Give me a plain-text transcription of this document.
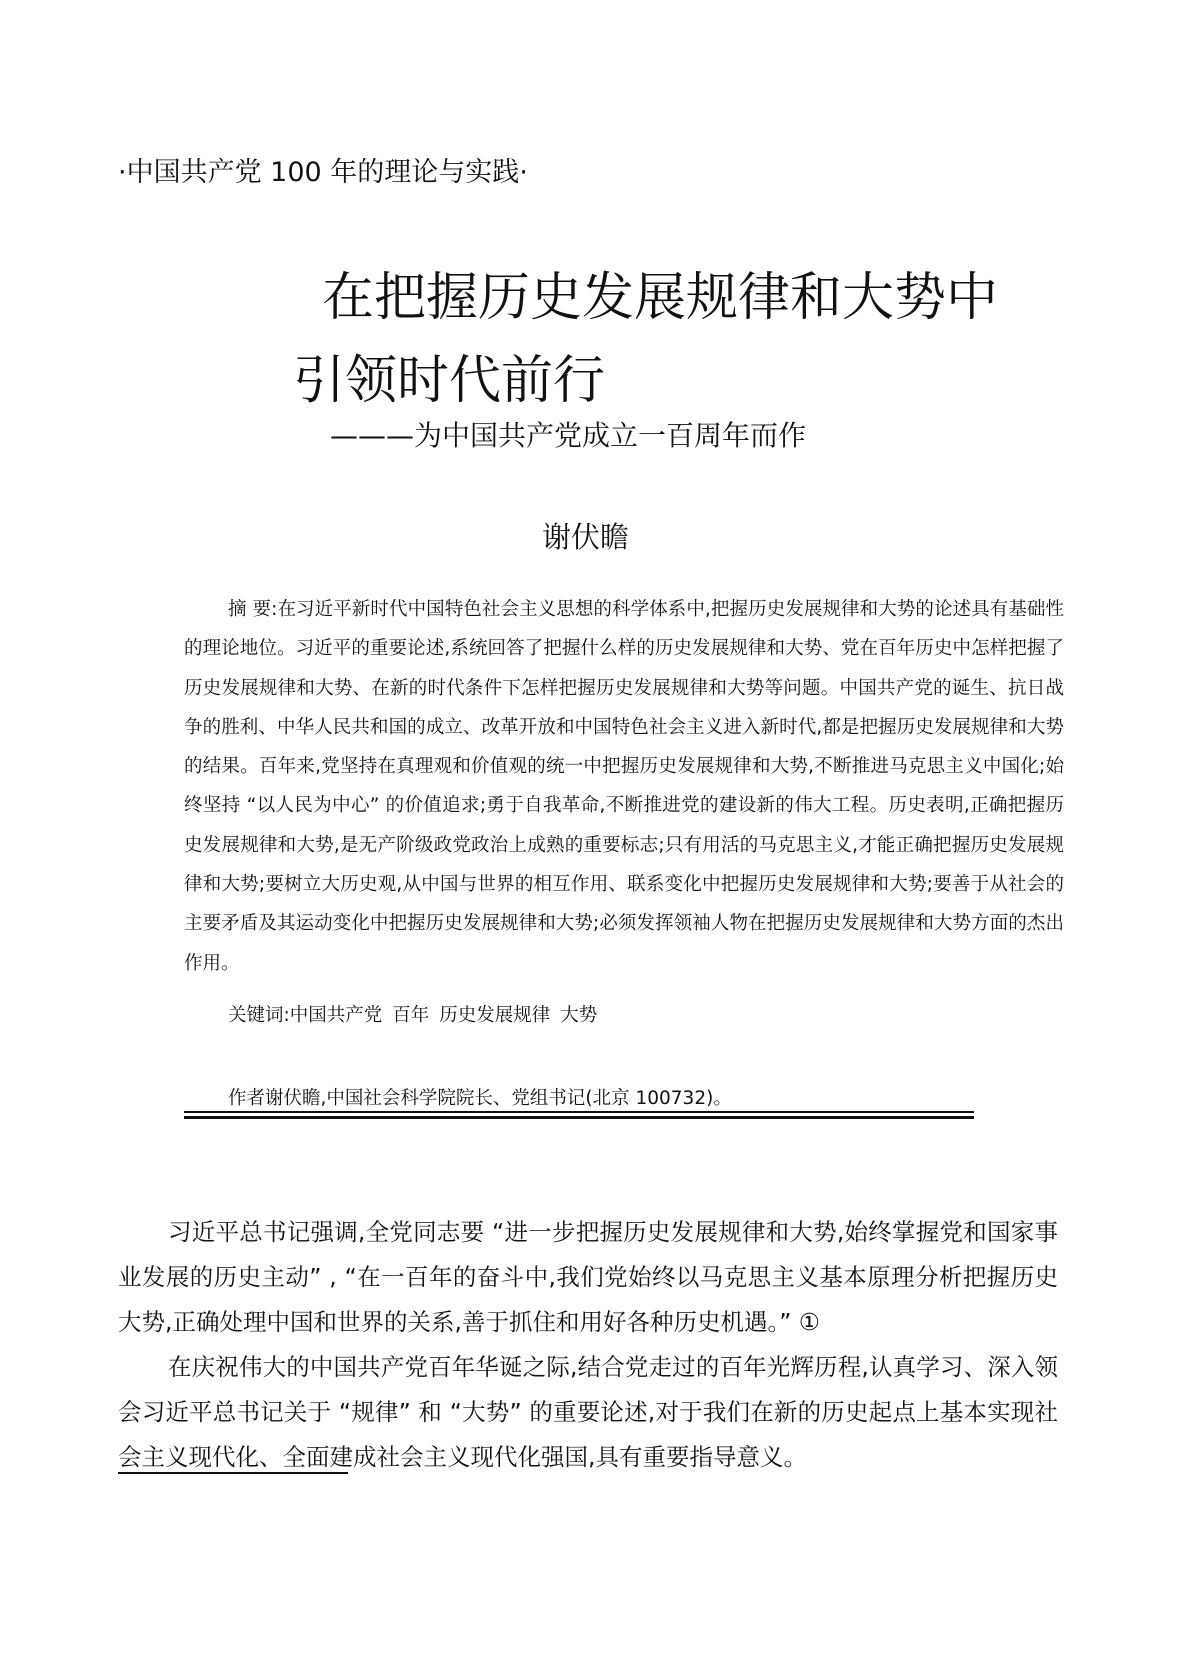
·中国共产党 100 年的理论与实践·

在把握历史发展规律和大势中
引领时代前行

———为中国共产党成立一百周年而作

谢伏瞻

摘 要:在习近平新时代中国特色社会主义思想的科学体系中,把握历史发展规律和大势的论述具有基础性的理论地位。习近平的重要论述,系统回答了把握什么样的历史发展规律和大势、党在百年历史中怎样把握了历史发展规律和大势、在新的时代条件下怎样把握历史发展规律和大势等问题。中国共产党的诞生、抗日战争的胜利、中华人民共和国的成立、改革开放和中国特色社会主义进入新时代,都是把握历史发展规律和大势的结果。百年来,党坚持在真理观和价值观的统一中把握历史发展规律和大势,不断推进马克思主义中国化;始终坚持 “以人民为中心” 的价值追求;勇于自我革命,不断推进党的建设新的伟大工程。历史表明,正确把握历史发展规律和大势,是无产阶级政党政治上成熟的重要标志;只有用活的马克思主义,才能正确把握历史发展规律和大势;要树立大历史观,从中国与世界的相互作用、联系变化中把握历史发展规律和大势;要善于从社会的主要矛盾及其运动变化中把握历史发展规律和大势;必须发挥领袖人物在把握历史发展规律和大势方面的杰出作用。

关键词:中国共产党 百年 历史发展规律 大势

作者谢伏瞻,中国社会科学院院长、党组书记(北京 100732)。

习近平总书记强调,全党同志要 “进一步把握历史发展规律和大势,始终掌握党和国家事业发展的历史主动” , “在一百年的奋斗中,我们党始终以马克思主义基本原理分析把握历史大势,正确处理中国和世界的关系,善于抓住和用好各种历史机遇。” ①

在庆祝伟大的中国共产党百年华诞之际,结合党走过的百年光辉历程,认真学习、深入领会习近平总书记关于 “规律” 和 “大势” 的重要论述,对于我们在新的历史起点上基本实现社会主义现代化、全面建成社会主义现代化强国,具有重要指导意义。
